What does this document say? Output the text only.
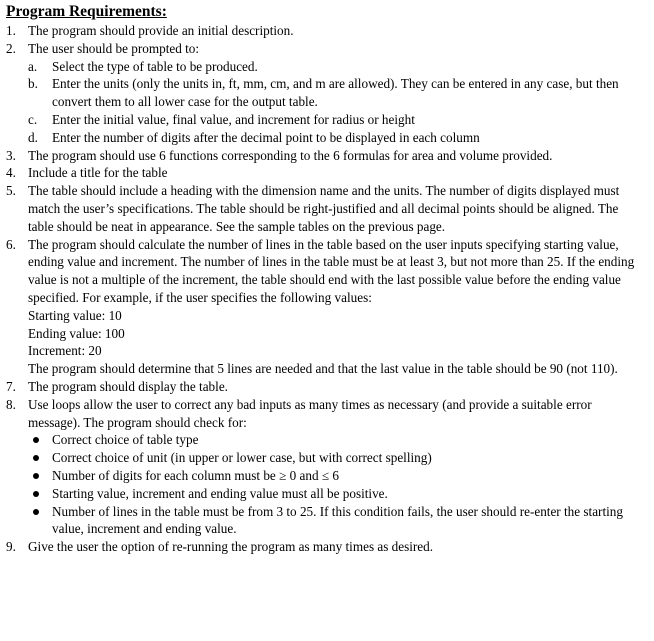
Program Requirements:
1. The program should provide an initial description.
2. The user should be prompted to:
a. Select the type of table to be produced.
b. Enter the units (only the units in, ft, mm, cm, and m are allowed). They can be entered in any case, but then convert them to all lower case for the output table.
c. Enter the initial value, final value, and increment for radius or height
d. Enter the number of digits after the decimal point to be displayed in each column
3. The program should use 6 functions corresponding to the 6 formulas for area and volume provided.
4. Include a title for the table
5. The table should include a heading with the dimension name and the units. The number of digits displayed must match the user’s specifications. The table should be right-justified and all decimal points should be aligned. The table should be neat in appearance. See the sample tables on the previous page.
6. The program should calculate the number of lines in the table based on the user inputs specifying starting value, ending value and increment. The number of lines in the table must be at least 3, but not more than 25. If the ending value is not a multiple of the increment, the table should end with the last possible value before the ending value specified. For example, if the user specifies the following values:
Starting value: 10
Ending value: 100
Increment: 20
The program should determine that 5 lines are needed and that the last value in the table should be 90 (not 110).
7. The program should display the table.
8. Use loops allow the user to correct any bad inputs as many times as necessary (and provide a suitable error message). The program should check for:
Correct choice of table type
Correct choice of unit (in upper or lower case, but with correct spelling)
Number of digits for each column must be ≥ 0 and ≤ 6
Starting value, increment and ending value must all be positive.
Number of lines in the table must be from 3 to 25. If this condition fails, the user should re-enter the starting value, increment and ending value.
9. Give the user the option of re-running the program as many times as desired.
